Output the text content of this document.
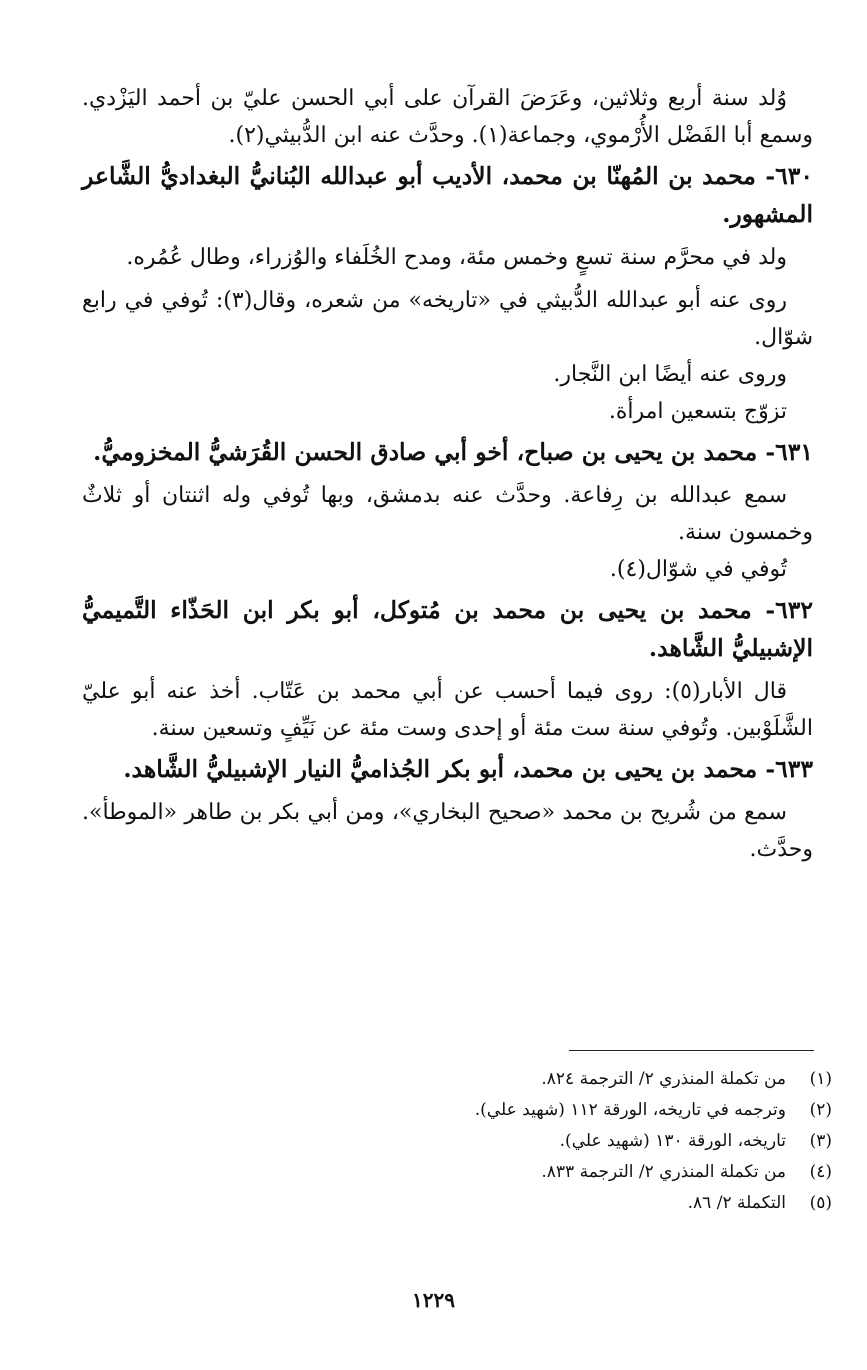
وُلد سنة أربع وثلاثين، وعَرَضَ القرآن على أبي الحسن عليّ بن أحمد اليَزْدي. وسمع أبا الفَضْل الأُرْموي، وجماعة(١). وحدَّث عنه ابن الدُّبيثي(٢).

٦٣٠- محمد بن المُهنّا بن محمد، الأديب أبو عبدالله البُنانيُّ البغداديُّ الشَّاعر المشهور.

ولد في محرَّم سنة تسعٍ وخمس مئة، ومدح الخُلَفاء والوُزراء، وطال عُمُره.

روى عنه أبو عبدالله الدُّبيثي في «تاريخه» من شعره، وقال(٣): تُوفي في رابع شوّال.

وروى عنه أيضًا ابن النَّجار.

تزوّج بتسعين امرأة.

٦٣١- محمد بن يحيى بن صباح، أخو أبي صادق الحسن القُرَشيُّ المخزوميُّ.

سمع عبدالله بن رِفاعة. وحدَّث عنه بدمشق، وبها تُوفي وله اثنتان أو ثلاثٌ وخمسون سنة.

تُوفي في شوّال(٤).

٦٣٢- محمد بن يحيى بن محمد بن مُتوكل، أبو بكر ابن الحَذّاء التَّميميُّ الإشبيليُّ الشَّاهد.

قال الأبار(٥): روى فيما أحسب عن أبي محمد بن عَتّاب. أخذ عنه أبو عليّ الشَّلَوْبين. وتُوفي سنة ست مئة أو إحدى وست مئة عن نَيِّفٍ وتسعين سنة.

٦٣٣- محمد بن يحيى بن محمد، أبو بكر الجُذاميُّ النيار الإشبيليُّ الشَّاهد.

سمع من شُريح بن محمد «صحيح البخاري»، ومن أبي بكر بن طاهر «الموطأ». وحدَّث.

(١)من تكملة المنذري ٢/ الترجمة ٨٢٤.
(٢)وترجمه في تاريخه، الورقة ١١٢ (شهيد علي).
(٣)تاريخه، الورقة ١٣٠ (شهيد علي).
(٤)من تكملة المنذري ٢/ الترجمة ٨٣٣.
(٥)التكملة ٢/ ٨٦.
١٢٢٩
